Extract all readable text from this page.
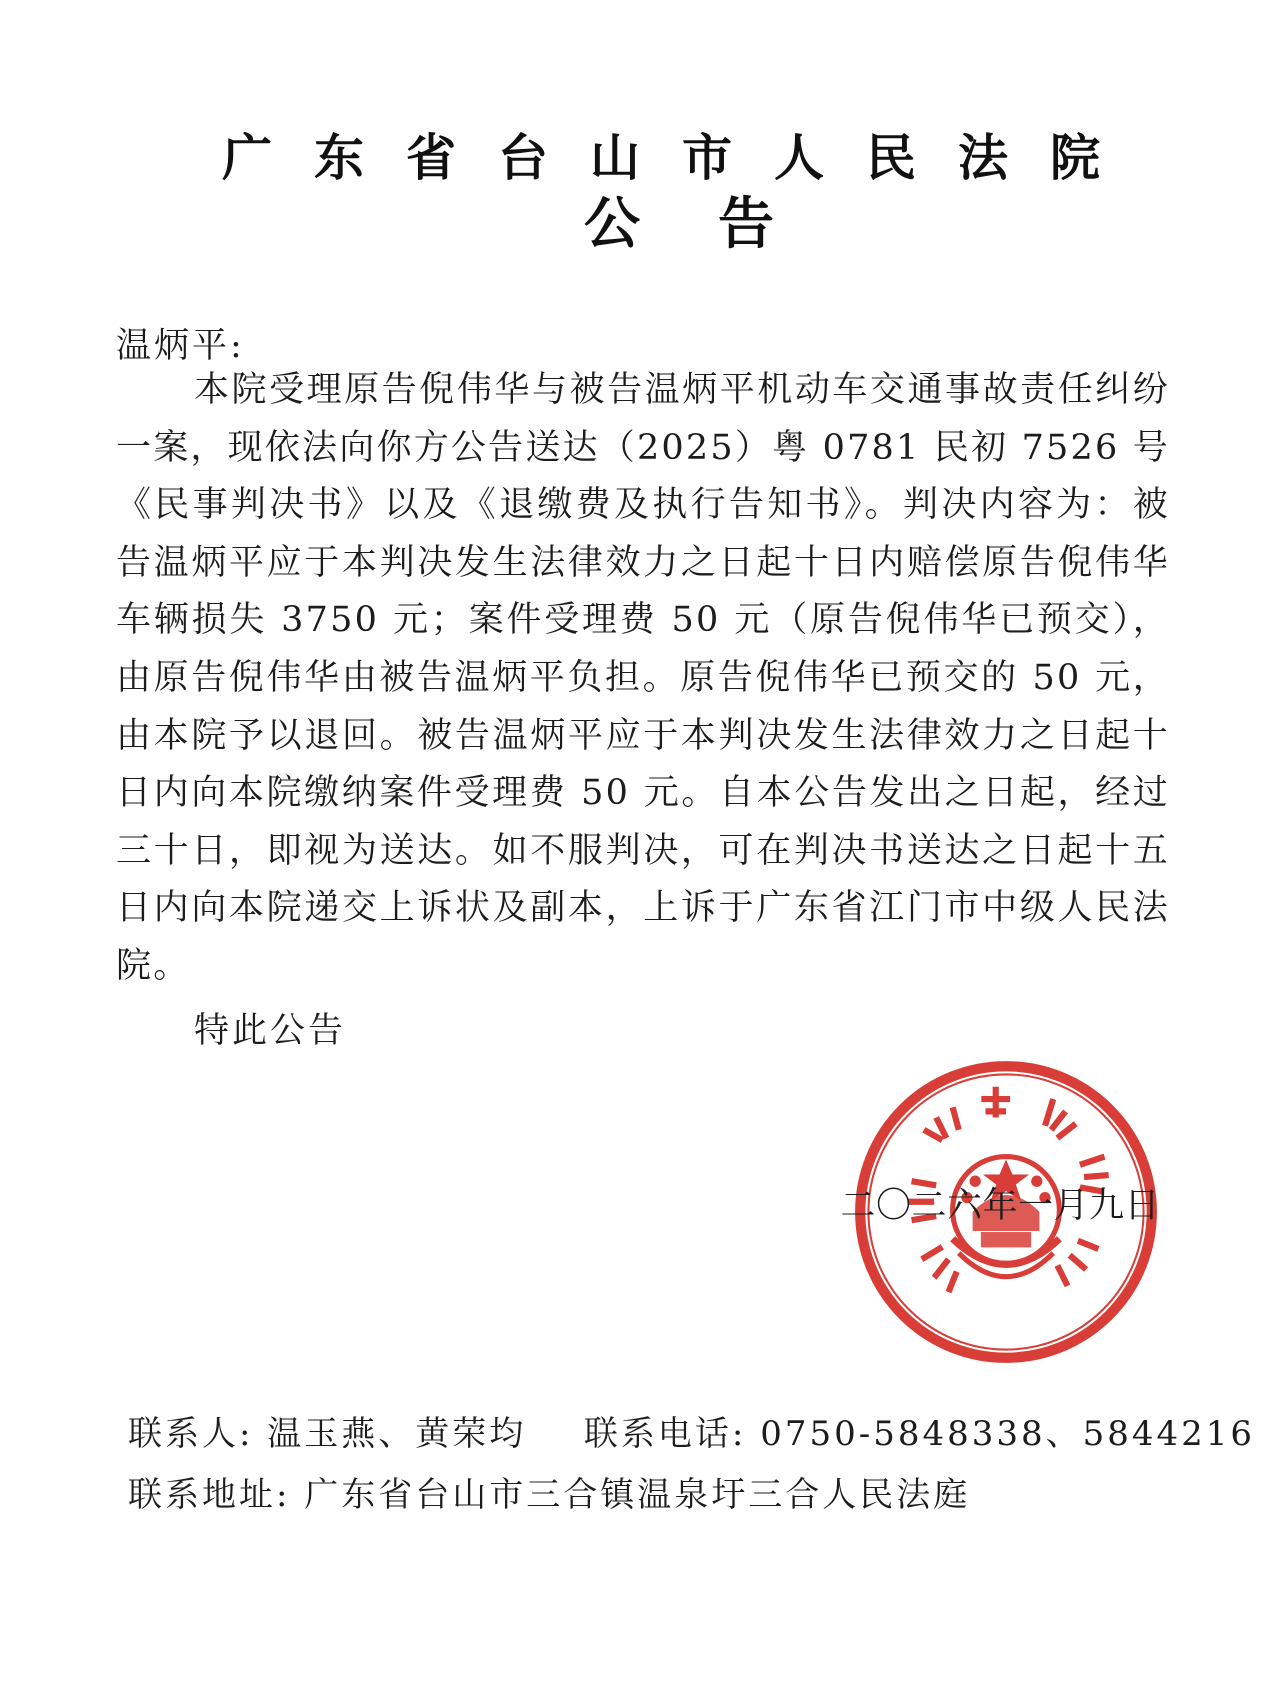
广东省台山市人民法院
公告
温炳平:
本院受理原告倪伟华与被告温炳平机动车交通事故责任纠纷一案，现依法向你方公告送达（2025）粤 0781 民初 7526 号《民事判决书》以及《退缴费及执行告知书》。判决内容为：被告温炳平应于本判决发生法律效力之日起十日内赔偿原告倪伟华车辆损失 3750 元；案件受理费 50 元（原告倪伟华已预交），由原告倪伟华由被告温炳平负担。原告倪伟华已预交的 50 元，由本院予以退回。被告温炳平应于本判决发生法律效力之日起十日内向本院缴纳案件受理费 50 元。自本公告发出之日起，经过三十日，即视为送达。如不服判决，可在判决书送达之日起十五日内向本院递交上诉状及副本，上诉于广东省江门市中级人民法院。
特此公告
二〇二六年一月九日
联系人: 温玉燕、黄荣均 联系电话: 0750-5848338、5844216
联系地址: 广东省台山市三合镇温泉圩三合人民法庭
